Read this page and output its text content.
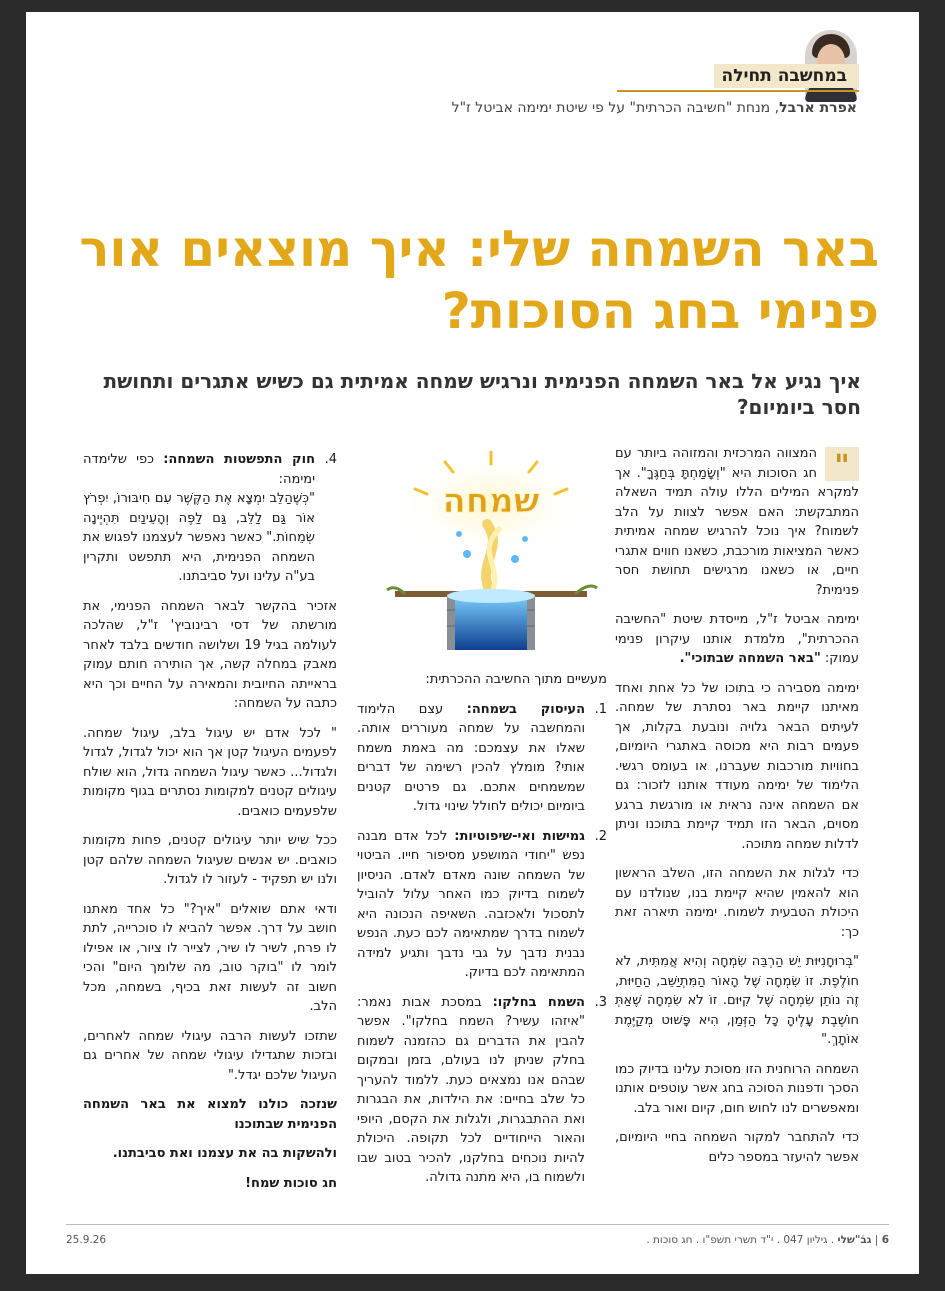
במחשבה תחילה
אפרת ארבל, מנחת "חשיבה הכרתית" על פי שיטת ימימה אביטל ז"ל
באר השמחה שלי: איך מוצאים אור פנימי בחג הסוכות?
איך נגיע אל באר השמחה הפנימית ונרגיש שמחה אמיתית גם כשיש אתגרים ותחושת חסר ביומיום?

"
המצווה המרכזית והמזוהה ביותר עם חג הסוכות היא "וְשָׂמַחְתָּ בְּחַגֶּךָ". אך למקרא המילים הללו עולה תמיד השאלה המתבקשת: האם אפשר לצוות על הלב לשמוח? איך נוכל להרגיש שמחה אמיתית כאשר המציאות מורכבת, כשאנו חווים אתגרי חיים, או כשאנו מרגישים תחושת חסר פנימית?

ימימה אביטל ז"ל, מייסדת שיטת "החשיבה ההכרתית", מלמדת אותנו עיקרון פנימי עמוק: "באר השמחה שבתוכי".

ימימה מסבירה כי בתוכו של כל אחת ואחד מאיתנו קיימת באר נסתרת של שמחה. לעיתים הבאר גלויה ונובעת בקלות, אך פעמים רבות היא מכוסה באתגרי היומיום, בחוויות מורכבות שעברנו, או בעומס רגשי. הלימוד של ימימה מעודד אותנו לזכור: גם אם השמחה אינה נראית או מורגשת ברגע מסוים, הבאר הזו תמיד קיימת בתוכנו וניתן לדלות שמחה מתוכה.

כדי לגלות את השמחה הזו, השלב הראשון הוא להאמין שהיא קיימת בנו, שנולדנו עם היכולת הטבעית לשמוח. ימימה תיארה זאת כך:

"בְּרוּחָנִיּוּת יֵשׁ הַרְבֵּה שִׂמְחָה וְהִיא אֲמִתִּית, לֹא חוֹלֶפֶת. זוֹ שִׂמְחָה שֶׁל הָאוֹר הַמִּתְיַשֵּׁב, הַחַיּוּת, זֶה נוֹתֵן שִׂמְחָה שֶׁל קִיּוּם. זוֹ לֹא שִׂמְחָה שֶׁאַתְּ חוֹשֶׁבֶת עָלֶיהָ כָּל הַזְּמַן, הִיא פָּשׁוּט מְקַיֶּמֶת אוֹתָךְ."

השמחה הרוחנית הזו מסוכת עלינו בדיוק כמו הסכך ודפנות הסוכה בחג אשר עוטפים אותנו ומאפשרים לנו לחוש חום, קיום ואור בלב.

כדי להתחבר למקור השמחה בחיי היומיום, אפשר להיעזר במספר כלים

שמחה

מעשיים מתוך החשיבה ההכרתית:

1.
העיסוק בשמחה: עצם הלימוד והמחשבה על שמחה מעוררים אותה. שאלו את עצמכם: מה באמת משמח אותי? מומלץ להכין רשימה של דברים שמשמחים אתכם. גם פרטים קטנים ביומיום יכולים לחולל שינוי גדול.
2.
גמישות ואי-שיפוטיות: לכל אדם מבנה נפש "יחודי המושפע מסיפור חייו. הביטוי של השמחה שונה מאדם לאדם. הניסיון לשמוח בדיוק כמו האחר עלול להוביל לתסכול ולאכזבה. השאיפה הנכונה היא לשמוח בדרך שמתאימה לכם כעת. הנפש נבנית נדבך על גבי נדבך ותגיע למידה המתאימה לכם בדיוק.
3.
השמח בחלקו: במסכת אבות נאמר: "איזהו עשיר? השמח בחלקו". אפשר להבין את הדברים גם כהזמנה לשמוח בחלק שניתן לנו בעולם, בזמן ובמקום שבהם אנו נמצאים כעת. ללמוד להעריך כל שלב בחיים: את הילדות, את הבגרות ואת ההתבגרות, ולגלות את הקסם, היופי והאור הייחודיים לכל תקופה. היכולת להיות נוכחים בחלקנו, להכיר בטוב שבו ולשמוח בו, היא מתנה גדולה.
4.
חוק התפשטות השמחה: כפי שלימדה ימימה:
"כְּשֶׁהַלֵּב יִמְצָא אֶת הַקֶּשֶׁר עִם חִיבּוּרוֹ, יִפְרֹץ אוֹר גַּם לַלֵּב, גַּם לַפֶּה וְהָעֵינַיִם תִּהְיֶינָה שְׂמֵחוֹת." כאשר נאפשר לעצמנו לפגוש את השמחה הפנימית, היא תתפשט ותקרין בע"ה עלינו ועל סביבתנו.

אזכיר בהקשר לבאר השמחה הפנימי, את מורשתה של דסי רבינוביץ' ז"ל, שהלכה לעולמה בגיל 19 ושלושה חודשים בלבד לאחר מאבק במחלה קשה, אך הותירה חותם עמוק בראייתה החיובית והמאירה על החיים וכך היא כתבה על השמחה:

" לכל אדם יש עיגול בלב, עיגול שמחה. לפעמים העיגול קטן אך הוא יכול לגדול, לגדול ולגדול... כאשר עיגול השמחה גדול, הוא שולח עיגולים קטנים למקומות נסתרים בגוף מקומות שלפעמים כואבים.

ככל שיש יותר עיגולים קטנים, פחות מקומות כואבים. יש אנשים שעיגול השמחה שלהם קטן ולנו יש תפקיד - לעזור לו לגדול.

ודאי אתם שואלים "איך?" כל אחד מאתנו חושב על דרך. אפשר להביא לו סוכרייה, לתת לו פרח, לשיר לו שיר, לצייר לו ציור, או אפילו לומר לו "בוקר טוב, מה שלומך היום" והכי חשוב זה לעשות זאת בכיף, בשמחה, מכל הלב.

שתזכו לעשות הרבה עיגולי שמחה לאחרים, ובזכות שתגדילו עיגולי שמחה של אחרים גם העיגול שלכם יגדל."

שנזכה כולנו למצוא את באר השמחה הפנימית שבתוכנו

ולהשקות בה את עצמנו ואת סביבתנו.

חג סוכות שמח!

6 | גבֹ"שלי . גיליון 047 . י"ד תשרי תשפ"ו . חג סוכות .
25.9.26
